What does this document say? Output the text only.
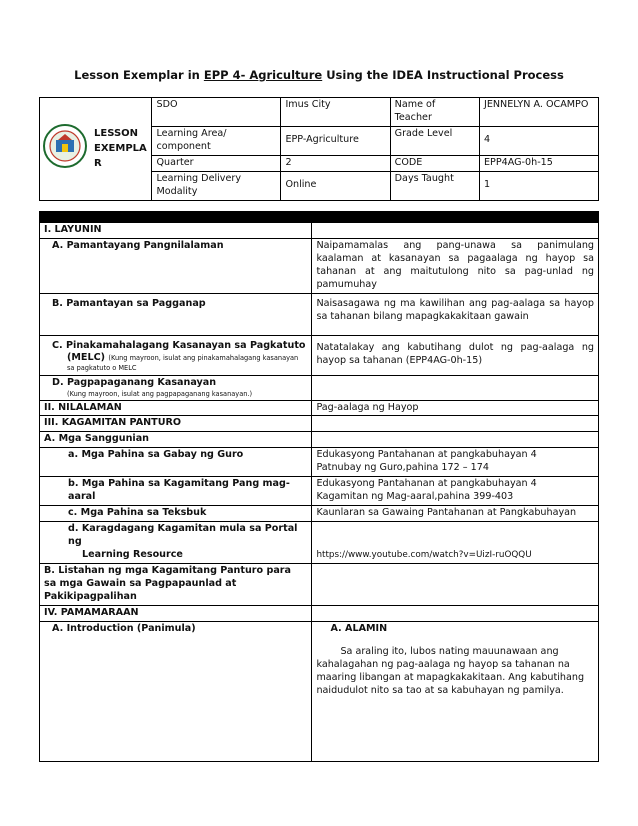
Lesson Exemplar in EPP 4- Agriculture Using the IDEA Instructional Process
	LESSON EXEMPLA R	SDO	Imus City	Name of Teacher	JENNELYN A. OCAMPO
		Learning Area/ component	EPP-Agriculture	Grade Level	4
		Quarter	2	CODE	EPP4AG-0h-15
		Learning Delivery Modality	Online	Days Taught	1

I. LAYUNIN	
A. Pamantayang Pangnilalaman	Naipamamalas ang pang-unawa sa panimulang kaalaman at kasanayan sa pagaalaga ng hayop sa tahanan at ang maitutulong nito sa pag-unlad ng pamumuhay
B. Pamantayan sa Pagganap	Naisasagawa ng ma kawilihan ang pag-aalaga sa hayop sa tahanan bilang mapagkakakitaan gawain

C. Pinakamahalagang Kasanayan sa Pagkatuto
(MELC) (Kung mayroon, isulat ang pinakamahalagang kasanayan sa pagkatuto o MELC	Natatalakay ang kabutihang dulot ng pag-aalaga ng hayop sa tahanan (EPP4AG-0h-15)

D. Pagpapaganang Kasanayan
(Kung mayroon, isulat ang pagpapaganang kasanayan.)	

II. NILALAMAN	Pag-aalaga ng Hayop
III. KAGAMITAN PANTURO	
A. Mga Sanggunian	
a. Mga Pahina sa Gabay ng Guro	Edukasyong Pantahanan at pangkabuhayan 4
Patnubay ng Guro,pahina 172 – 174

b. Mga Pahina sa Kagamitang Pang mag-aaral	Edukasyong Pantahanan at pangkabuhayan 4
Kagamitan ng Mag-aaral,pahina 399-403

c. Mga Pahina sa Teksbuk	Kaunlaran sa Gawaing Pantahanan at Pangkabuhayan

d. Karagdagang Kagamitan mula sa Portal ng
Learning Resource	https://www.youtube.com/watch?v=UizI-ruOQQU
B. Listahan ng mga Kagamitang Panturo para sa mga Gawain sa Pagpapaunlad at Pakikipagpalihan	
IV. PAMAMARAAN	
A. Introduction (Panimula)	A. ALAMIN
Sa araling ito, lubos nating mauunawaan ang kahalagahan ng pag-aalaga ng hayop sa tahanan na maaring libangan at mapagkakakitaan. Ang kabutihang naidudulot nito sa tao at sa kabuhayan ng pamilya.
